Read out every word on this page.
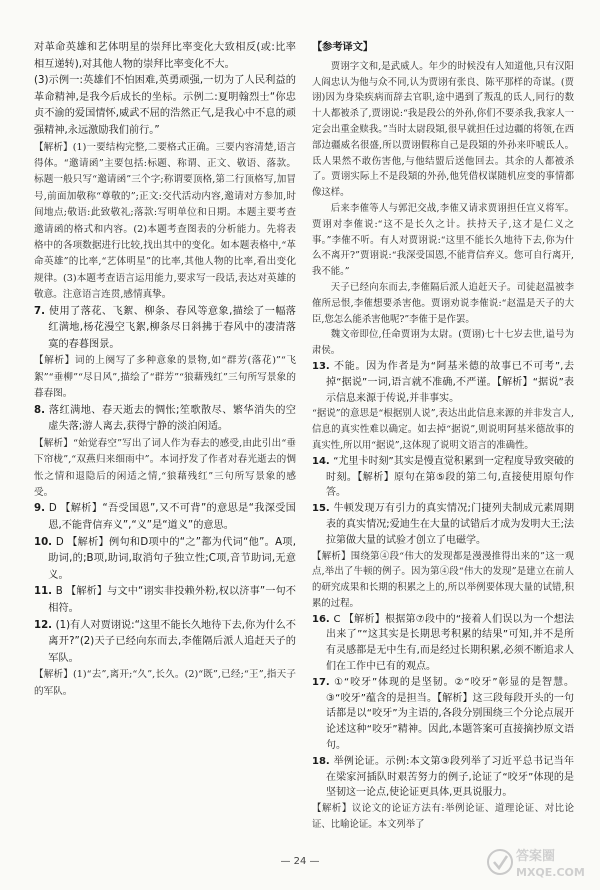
对革命英雄和艺体明星的崇拜比率变化大致相反(或:比率相互递转),对其他人物的崇拜比率变化不大。

(3)示例一:英雄们不怕困难,英勇顽强,一切为了人民利益的革命精神,是我今后成长的坐标。示例二:夏明翰烈士“你忠贞不渝的爱国情怀,威武不屈的浩然正气,是我心中不息的顽强精神,永远激励我们前行。”

【解析】(1)一要结构完整,二要格式正确。三要内容清楚,语言得体。“邀请函”主要包括:标题、称谓、正文、敬语、落款。标题一般只写“邀请函”三个字;称谓要顶格,第二行顶格写,加冒号,前面加敬称“尊敬的”;正文:交代活动内容,邀请对方参加,时间地点;敬语:此致敬礼;落款:写明单位和日期。本题主要考查邀请函的格式和内容。(2)本题考查图表的分析能力。先将表格中的各项数据进行比较,找出其中的变化。如本题表格中,“革命英雄”的比率,“艺体明星”的比率,其他人物的比率,看出变化规律。(3)本题考查语言运用能力,要求写一段话,表达对英雄的敬意。注意语言连贯,感情真挚。

7. 使用了落花、飞絮、柳条、春风等意象,描绘了一幅落红满地,杨花漫空飞絮,柳条尽日斜拂于春风中的凄清落寞的春暮图景。

【解析】词的上阕写了多种意象的景物,如“群芳(落花)”“飞絮”“垂柳”“尽日风”,描绘了“群芳”“狼藉残红”三句所写景象的暮春图。

8. 落红满地、春天逝去的惆怅;笙歌散尽、繁华消失的空虚失落;游人离去,获得宁静的淡泊闲适。

【解析】“始觉春空”写出了词人作为春去的感受,由此引出“垂下帘栊”,“双燕归来细雨中”。本词抒发了作者对春光逝去的惆怅之情和退隐后的闲适之情,“狼藉残红”三句所写景象的感受。

9. D 【解析】“吾受国恩”,又不可背”的意思是“我深受国恩,不能背信弃义”,“义”是“道义”的意思。

10. D 【解析】例句和D项中的“之”都为代词“他”。A项,助词,的;B项,助词,取消句子独立性;C项,音节助词,无意义。

11. B 【解析】与文中“诩实非投赖外粉,权以济事”一句不相符。

12. (1)有人对贾诩说:“这里不能长久地待下去,你为什么不离开?”(2)天子已经向东而去,李傕隔后派人追赶天子的军队。

【解析】(1)“去”,离开;“久”,长久。(2)“既”,已经;“王”,指天子的军队。

【参考译文】

贾诩字文和,是武威人。年少的时候没有人知道他,只有汉阳人阎忠认为他与众不同,认为贾诩有张良、陈平那样的奇谋。(贾诩)因为身染疾病而辞去官职,途中遇到了叛乱的氐人,同行的数十人都被杀了,贾诩说:“我是段公的外孙,你们不要杀我,我家人一定会出重金赎我。”当时太尉段熲,很早就担任过边疆的将领,在西部边疆威名很盛,所以贾诩假称自己是段熲的外孙来吓唬氐人。氐人果然不敢伤害他,与他结盟后送他回去。其余的人都被杀了。贾诩实际上不是段熲的外孙,他凭借权谋随机应变的事情都像这样。

后来李傕等人与郭汜交战,李傕又请求贾诩担任宣义将军。贾诩对李傕说:“这不是长久之计。扶持天子,这才是仁义之事。”李傕不听。有人对贾诩说:“这里不能长久地待下去,你为什么不离开?”贾诩说:“我深受国恩,不能背信弃义。您可自行离开,我不能。”

天子已经向东而去,李傕隔后派人追赶天子。司徒赵温被李傕所忌恨,李傕想要杀害他。贾诩劝说李傕说:“赵温是天子的大臣,您怎么能杀害他呢?”李傕于是作罢。

魏文帝即位,任命贾诩为太尉。(贾诩)七十七岁去世,谥号为肃侯。

13. 不能。因为作者是为“阿基米德的故事已不可考”,去掉“据说”一词,语言就不准确,不严谨。【解析】“据说”表示信息来源于传说,并非事实。

“据说”的意思是“根据别人说”,表达出此信息来源的并非发言人,信息的真实性难以确定。如去掉“据说”,则说明阿基米德故事的真实性,所以用“据说”,这体现了说明文语言的准确性。

14. “尤里卡时刻”其实是慢直觉积累到一定程度导致突破的时刻。【解析】原句在第⑤段的第二句,直接使用原句作答。

15. 牛顿发现万有引力的真实情况;门捷列夫制成元素周期表的真实情况;爱迪生在大量的试错后才成为发明大王;法拉第做大量的试验才创立了电磁学。

【解析】围绕第④段“伟大的发现都是漫漫推得出来的”这一观点,举出了牛顿的例子。因为第④段“伟大的发现”是建立在前人的研究成果和长期的积累之上的,所以举例要体现大量的试错,积累的过程。

16. C 【解析】根据第⑦段中的“接着人们误以为一个想法出来了”“这其实是长期思考积累的结果”可知,并不是所有灵感都是无中生有,而是经过长期积累,必须不断追求人们在工作中已有的观点。

17. ①“咬牙”体现的是坚韧。②“咬牙”彰显的是智慧。③“咬牙”蕴含的是担当。【解析】这三段每段开头的一句话都是以“咬牙”为主语的,各段分别围绕三个分论点展开论述这种“咬牙”精神。因此,本题答案可直接摘抄原文语句。

18. 举例论证。示例:本文第③段列举了习近平总书记当年在梁家河插队时艰苦努力的例子,论证了“咬牙”体现的是坚韧这一论点,使论证更具体,更具说服力。

【解析】议论文的论证方法有:举例论证、道理论证、对比论证、比喻论证。本文列举了

— 24 —	答案圈
MXQE.COM
